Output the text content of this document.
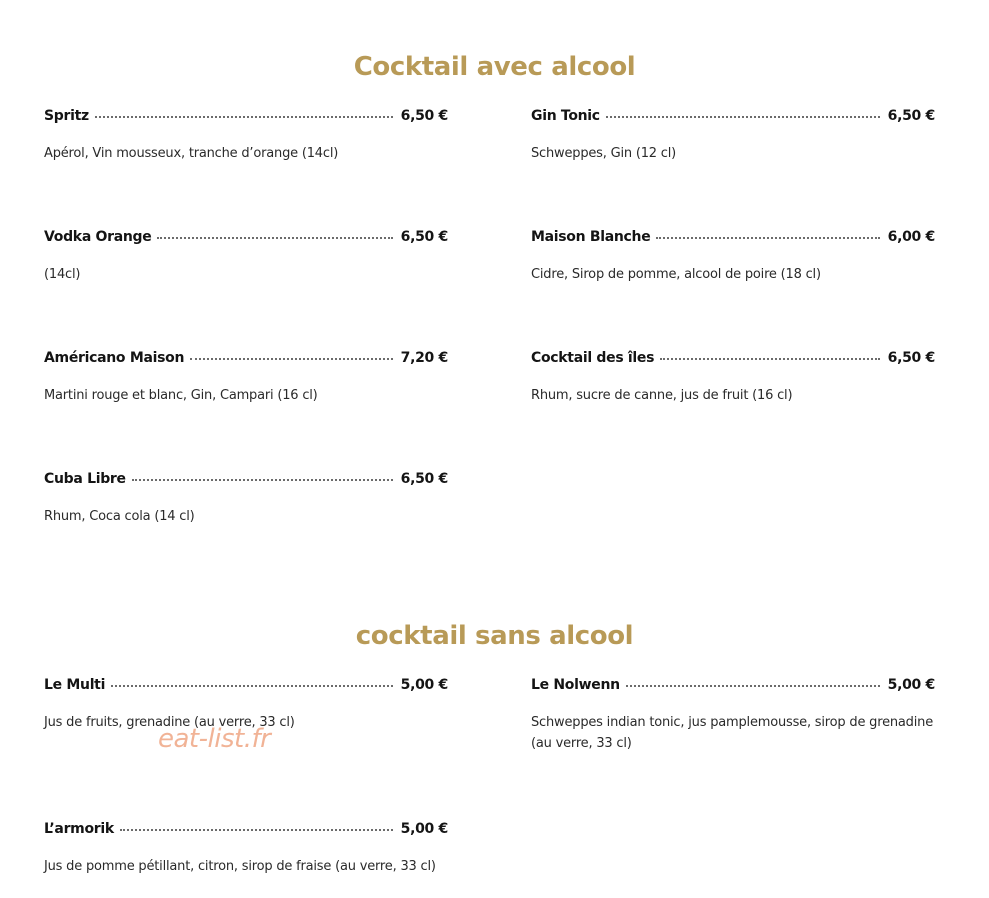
Cocktail avec alcool
Spritz	6,50 €
Apérol, Vin mousseux, tranche d’orange (14cl)
Gin Tonic	6,50 €
Schweppes, Gin (12 cl)
Vodka Orange	6,50 €
(14cl)
Maison Blanche	6,00 €
Cidre, Sirop de pomme, alcool de poire (18 cl)
Américano Maison	7,20 €
Martini rouge et blanc, Gin, Campari (16 cl)
Cocktail des îles	6,50 €
Rhum, sucre de canne, jus de fruit (16 cl)
Cuba Libre	6,50 €
Rhum, Coca cola (14 cl)
cocktail sans alcool
Le Multi	5,00 €
Jus de fruits, grenadine (au verre, 33 cl)
Le Nolwenn	5,00 €
Schweppes indian tonic, jus pamplemousse, sirop de grenadine (au verre, 33 cl)
L’armorik	5,00 €
Jus de pomme pétillant, citron, sirop de fraise (au verre, 33 cl)
eat-list.fr
